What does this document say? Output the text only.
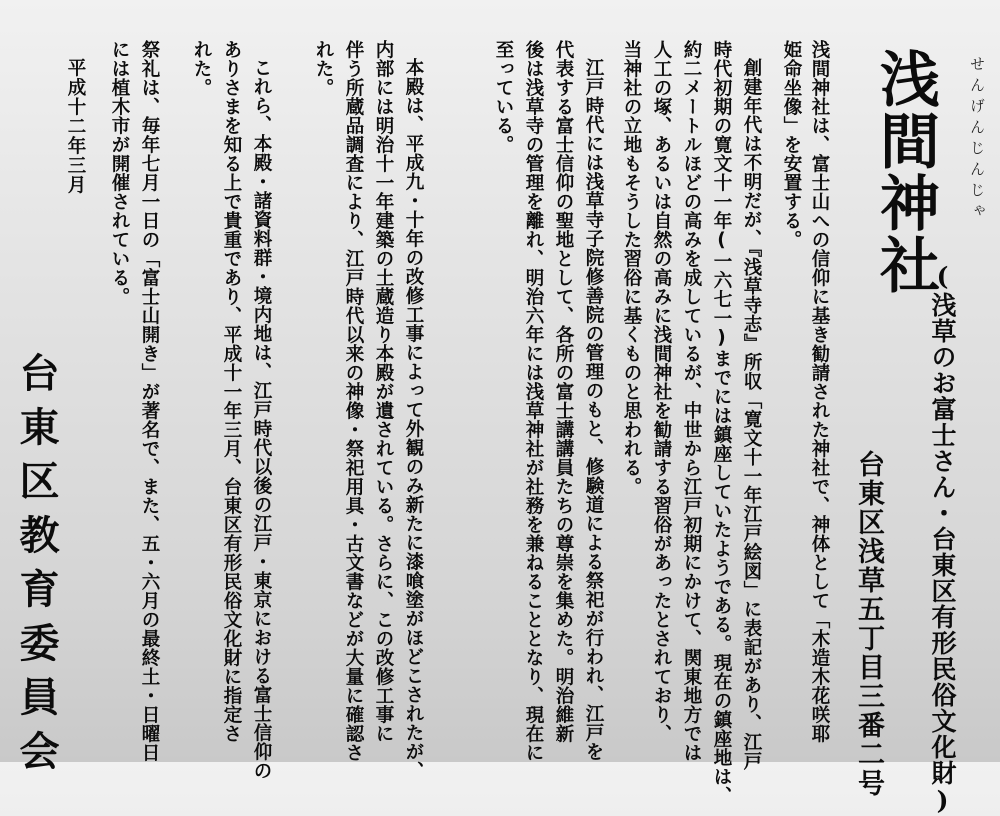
浅間神社	せんげんじんじゃ
(浅草のお富士さん・台東区有形民俗文化財)
台東区浅草五丁目三番二号
浅間神社は、富士山への信仰に基き勧請された神社で、神体として「木造木花咲耶
姫命坐像」を安置する。
創建年代は不明だが、『浅草寺志』所収「寛文十一年江戸絵図」に表記があり、江戸
時代初期の寛文十一年(一六七一)までには鎮座していたようである。現在の鎮座地は、
約二メートルほどの高みを成しているが、中世から江戸初期にかけて、関東地方では
人工の塚、あるいは自然の高みに浅間神社を勧請する習俗があったとされており、
当神社の立地もそうした習俗に基くものと思われる。
江戸時代には浅草寺子院修善院の管理のもと、修験道による祭祀が行われ、江戸を
代表する富士信仰の聖地として、各所の富士講講員たちの尊崇を集めた。明治維新
後は浅草寺の管理を離れ、明治六年には浅草神社が社務を兼ねることとなり、現在に
至っている。
本殿は、平成九・十年の改修工事によって外観のみ新たに漆喰塗がほどこされたが、
内部には明治十一年建築の土蔵造り本殿が遺されている。さらに、この改修工事に
伴う所蔵品調査により、江戸時代以来の神像・祭祀用具・古文書などが大量に確認さ
れた。
これら、本殿・諸資料群・境内地は、江戸時代以後の江戸・東京における富士信仰の
ありさまを知る上で貴重であり、平成十一年三月、台東区有形民俗文化財に指定さ
れた。
祭礼は、毎年七月一日の「富士山開き」が著名で、また、五・六月の最終土・日曜日
には植木市が開催されている。
平成十二年三月
台東区教育委員会
